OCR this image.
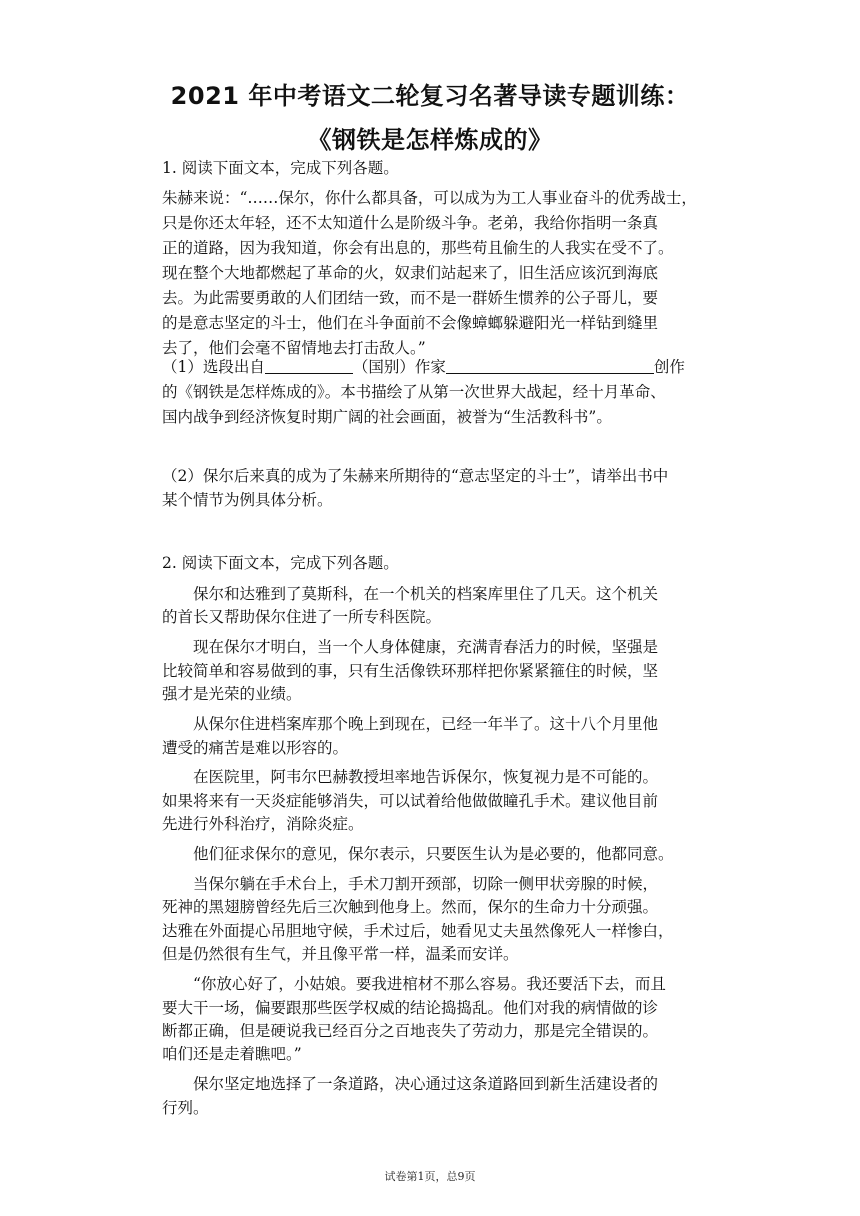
2021 年中考语文二轮复习名著导读专题训练：
《钢铁是怎样炼成的》
1. 阅读下面文本，完成下列各题。
朱赫来说：“……保尔，你什么都具备，可以成为为工人事业奋斗的优秀战士，
只是你还太年轻，还不太知道什么是阶级斗争。老弟，我给你指明一条真
正的道路，因为我知道，你会有出息的，那些苟且偷生的人我实在受不了。
现在整个大地都燃起了革命的火，奴隶们站起来了，旧生活应该沉到海底
去。为此需要勇敢的人们团结一致，而不是一群娇生惯养的公子哥儿，要
的是意志坚定的斗士，他们在斗争面前不会像蟑螂躲避阳光一样钻到缝里
去了，他们会毫不留情地去打击敌人。”
（1）选段出自	（国别）作家	创作
的《钢铁是怎样炼成的》。本书描绘了从第一次世界大战起，经十月革命、
国内战争到经济恢复时期广阔的社会画面，被誉为“生活教科书”。
（2）保尔后来真的成为了朱赫来所期待的“意志坚定的斗士”，请举出书中
某个情节为例具体分析。
2. 阅读下面文本，完成下列各题。
保尔和达雅到了莫斯科，在一个机关的档案库里住了几天。这个机关
的首长又帮助保尔住进了一所专科医院。
现在保尔才明白，当一个人身体健康，充满青春活力的时候，坚强是
比较简单和容易做到的事，只有生活像铁环那样把你紧紧箍住的时候，坚
强才是光荣的业绩。
从保尔住进档案库那个晚上到现在，已经一年半了。这十八个月里他
遭受的痛苦是难以形容的。
在医院里，阿韦尔巴赫教授坦率地告诉保尔，恢复视力是不可能的。
如果将来有一天炎症能够消失，可以试着给他做做瞳孔手术。建议他目前
先进行外科治疗，消除炎症。
他们征求保尔的意见，保尔表示，只要医生认为是必要的，他都同意。
当保尔躺在手术台上，手术刀割开颈部，切除一侧甲状旁腺的时候，
死神的黑翅膀曾经先后三次触到他身上。然而，保尔的生命力十分顽强。
达雅在外面提心吊胆地守候，手术过后，她看见丈夫虽然像死人一样惨白，
但是仍然很有生气，并且像平常一样，温柔而安详。
“你放心好了，小姑娘。要我进棺材不那么容易。我还要活下去，而且
要大干一场，偏要跟那些医学权威的结论捣捣乱。他们对我的病情做的诊
断都正确，但是硬说我已经百分之百地丧失了劳动力，那是完全错误的。
咱们还是走着瞧吧。”
保尔坚定地选择了一条道路，决心通过这条道路回到新生活建设者的
行列。
试卷第1页，总9页
